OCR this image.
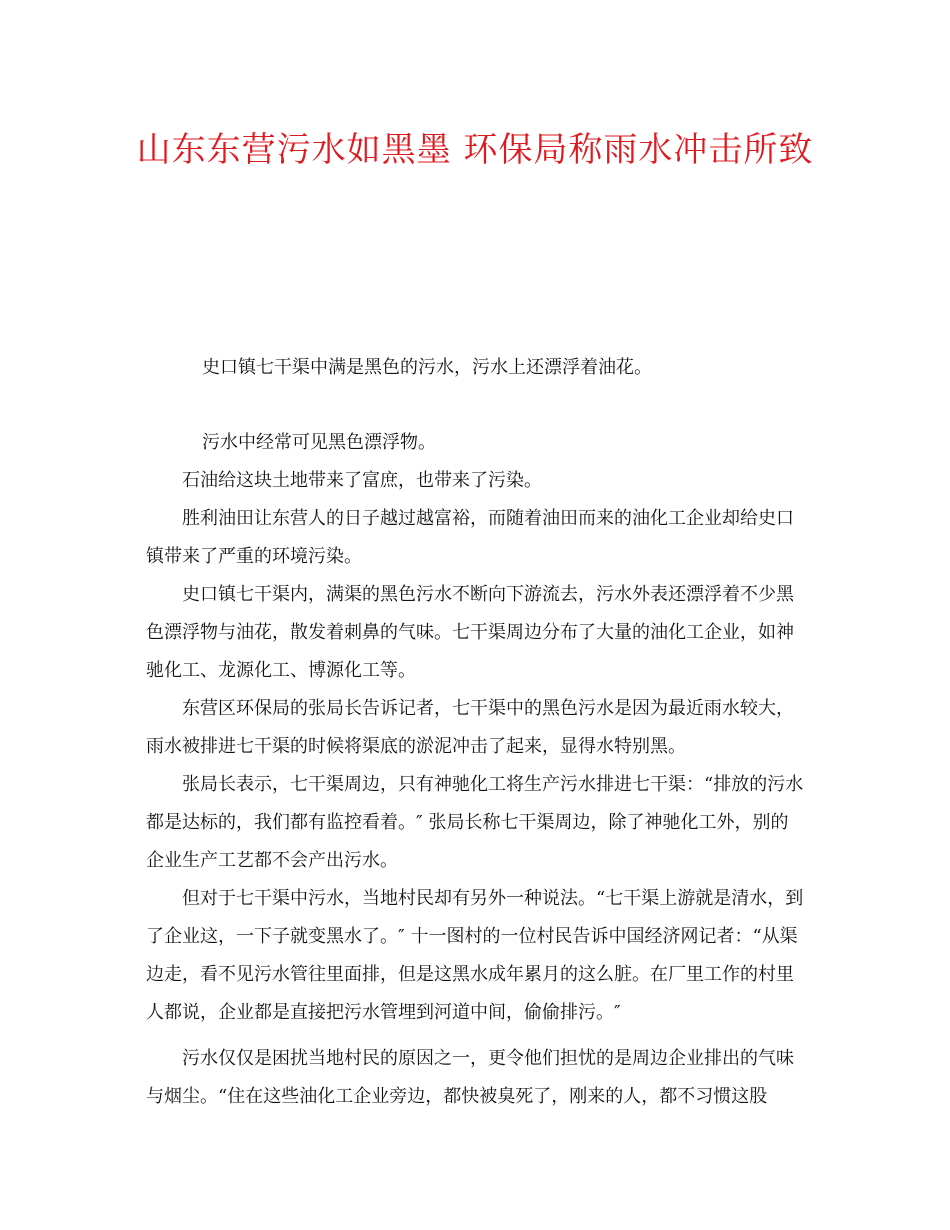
山东东营污水如黑墨 环保局称雨水冲击所致

史口镇七干渠中满是黑色的污水，污水上还漂浮着油花。

污水中经常可见黑色漂浮物。

石油给这块土地带来了富庶，也带来了污染。

胜利油田让东营人的日子越过越富裕，而随着油田而来的油化工企业却给史口镇带来了严重的环境污染。

史口镇七干渠内，满渠的黑色污水不断向下游流去，污水外表还漂浮着不少黑色漂浮物与油花，散发着刺鼻的气味。七干渠周边分布了大量的油化工企业，如神驰化工、龙源化工、博源化工等。

东营区环保局的张局长告诉记者，七干渠中的黑色污水是因为最近雨水较大，雨水被排进七干渠的时候将渠底的淤泥冲击了起来，显得水特别黑。

张局长表示，七干渠周边，只有神驰化工将生产污水排进七干渠：“排放的污水都是达标的，我们都有监控看着。″ 张局长称七干渠周边，除了神驰化工外，别的企业生产工艺都不会产出污水。

但对于七干渠中污水，当地村民却有另外一种说法。“七干渠上游就是清水，到了企业这，一下子就变黑水了。″ 十一图村的一位村民告诉中国经济网记者：“从渠边走，看不见污水管往里面排，但是这黑水成年累月的这么脏。在厂里工作的村里人都说，企业都是直接把污水管埋到河道中间，偷偷排污。″

污水仅仅是困扰当地村民的原因之一，更令他们担忧的是周边企业排出的气味与烟尘。“住在这些油化工企业旁边，都快被臭死了，刚来的人，都不习惯这股
